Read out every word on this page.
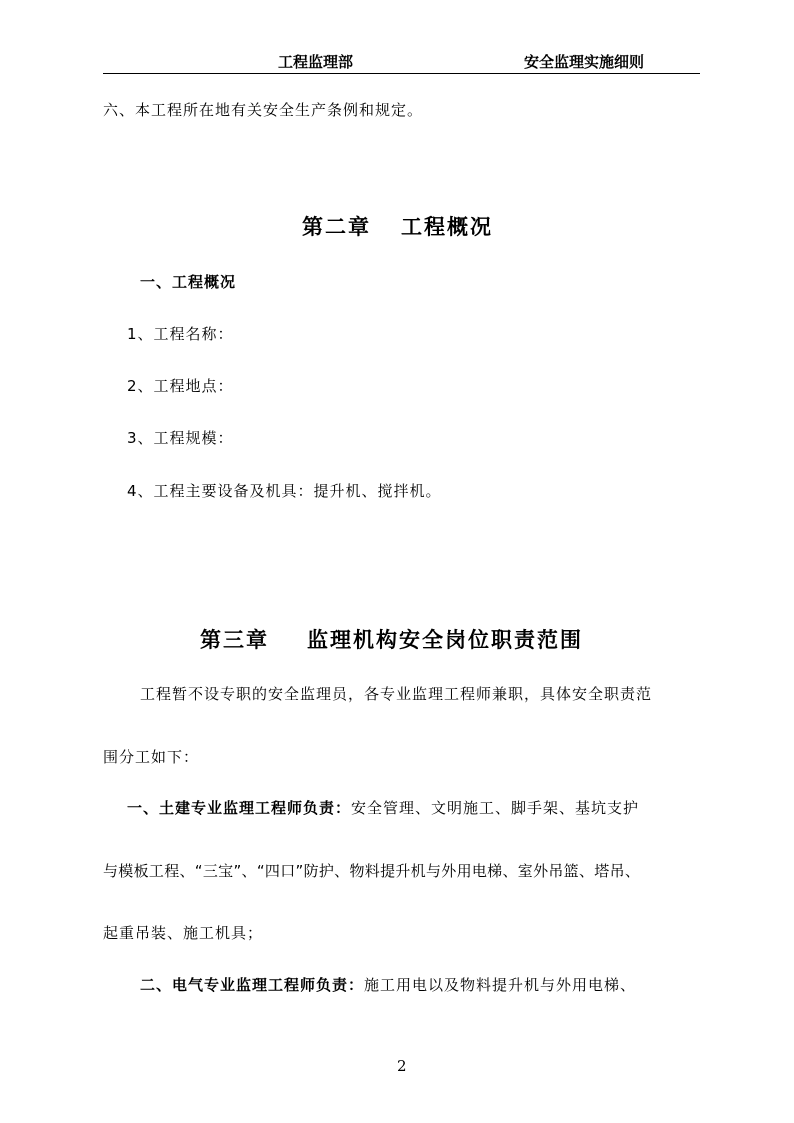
工程监理部	安全监理实施细则
六、本工程所在地有关安全生产条例和规定。
第二章 工程概况
一、工程概况
1、工程名称：
2、工程地点：
3、工程规模：
4、工程主要设备及机具：提升机、搅拌机。
第三章 监理机构安全岗位职责范围
工程暂不设专职的安全监理员，各专业监理工程师兼职，具体安全职责范
围分工如下：
一、土建专业监理工程师负责：安全管理、文明施工、脚手架、基坑支护
与模板工程、“三宝”、“四口”防护、物料提升机与外用电梯、室外吊篮、塔吊、
起重吊装、施工机具；
二、电气专业监理工程师负责：施工用电以及物料提升机与外用电梯、
2
